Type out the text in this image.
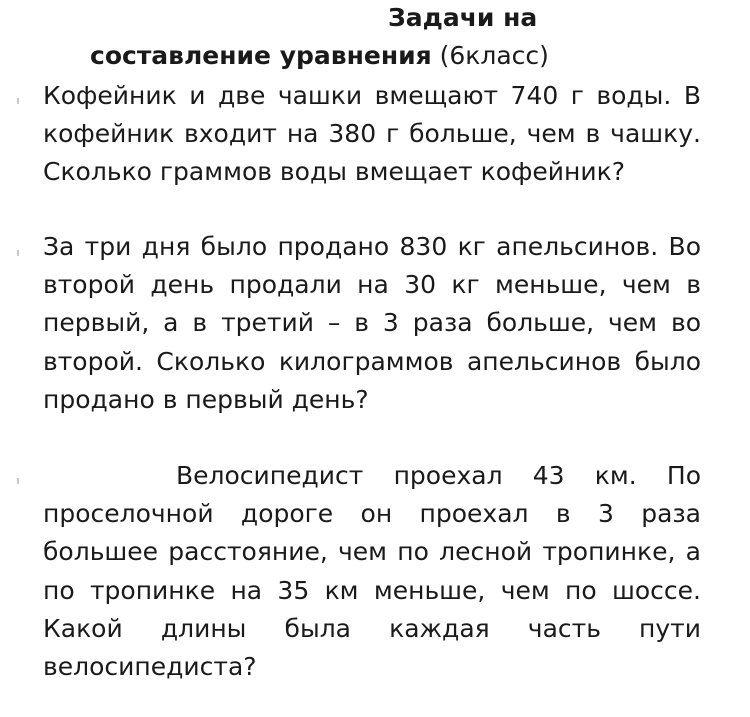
Задачи на
составление уравнения (6класс)

Кофейник и две чашки вмещают 740 г воды. В кофейник входит на 380 г больше, чем в чашку. Сколько граммов воды вмещает кофейник?

За три дня было продано 830 кг апельсинов. Во второй день продали на 30 кг меньше, чем в первый, а в третий – в 3 раза больше, чем во второй. Сколько килограммов апельсинов было продано в первый день?

Велосипедист проехал 43 км. По проселочной дороге он проехал в 3 раза большее расстояние, чем по лесной тропинке, а по тропинке на 35 км меньше, чем по шоссе. Какой длины была каждая часть пути велосипедиста?
